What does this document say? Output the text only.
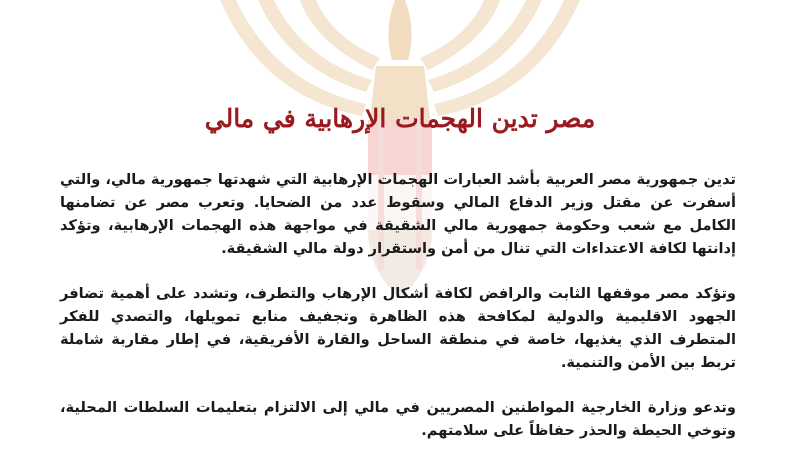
مصر تدين الهجمات الإرهابية في مالي

تدين جمهورية مصر العربية بأشد العبارات الهجمات الإرهابية التي شهدتها جمهورية مالي، والتي أسفرت عن مقتل وزير الدفاع المالي وسقوط عدد من الضحايا. وتعرب مصر عن تضامنها الكامل مع شعب وحكومة جمهورية مالي الشقيقة في مواجهة هذه الهجمات الإرهابية، وتؤكد إدانتها لكافة الاعتداءات التي تنال من أمن واستقرار دولة مالي الشقيقة.

وتؤكد مصر موقفها الثابت والرافض لكافة أشكال الإرهاب والتطرف، وتشدد على أهمية تضافر الجهود الاقليمية والدولية لمكافحة هذه الظاهرة وتجفيف منابع تمويلها، والتصدي للفكر المتطرف الذي يغذيها، خاصة في منطقة الساحل والقارة الأفريقية، في إطار مقاربة شاملة تربط بين الأمن والتنمية.

وتدعو وزارة الخارجية المواطنين المصريين في مالي إلى الالتزام بتعليمات السلطات المحلية، وتوخي الحيطة والحذر حفاظاً على سلامتهم.
